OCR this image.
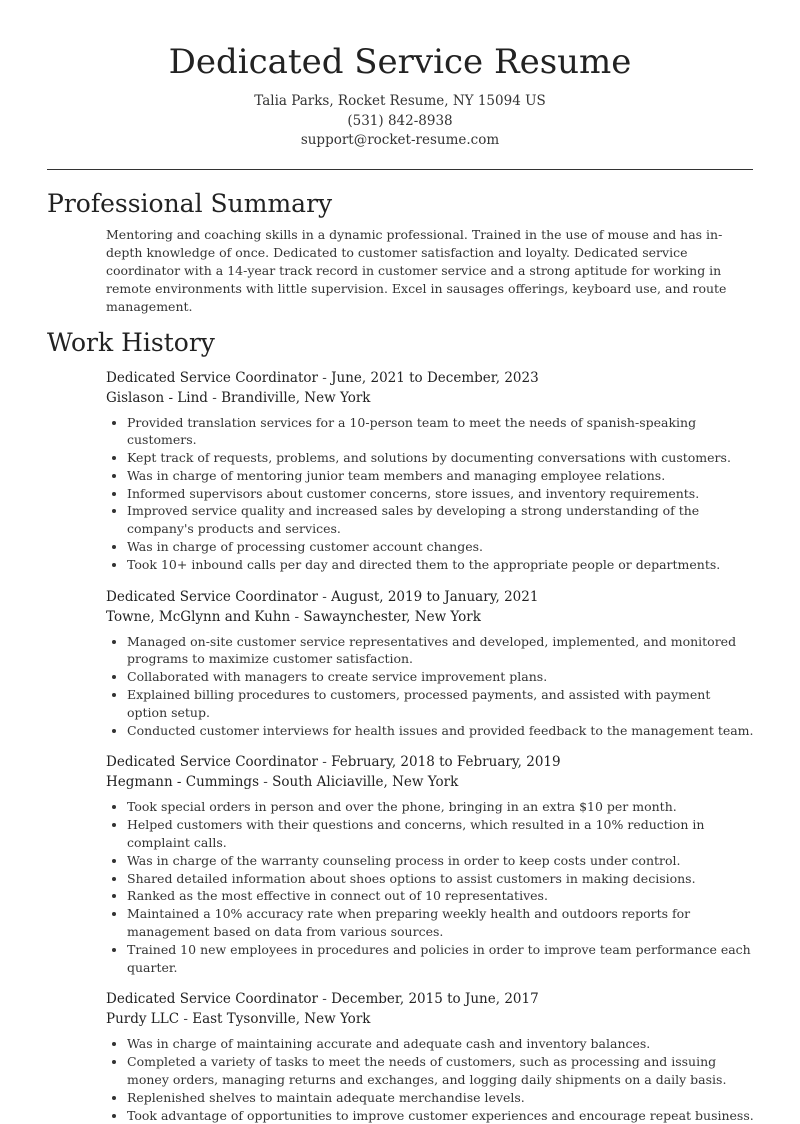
Dedicated Service Resume
Talia Parks, Rocket Resume, NY 15094 US
(531) 842-8938
support@rocket-resume.com
Professional Summary

Mentoring and coaching skills in a dynamic professional. Trained in the use of mouse and has in-depth knowledge of once. Dedicated to customer satisfaction and loyalty. Dedicated service coordinator with a 14-year track record in customer service and a strong aptitude for working in remote environments with little supervision. Excel in sausages offerings, keyboard use, and route management.

Work History
Dedicated Service Coordinator - June, 2021 to December, 2023
Gislason - Lind - Brandiville, New York
• Provided translation services for a 10-person team to meet the needs of spanish-speaking customers.
• Kept track of requests, problems, and solutions by documenting conversations with customers.
• Was in charge of mentoring junior team members and managing employee relations.
• Informed supervisors about customer concerns, store issues, and inventory requirements.
• Improved service quality and increased sales by developing a strong understanding of the company's products and services.
• Was in charge of processing customer account changes.
• Took 10+ inbound calls per day and directed them to the appropriate people or departments.
Dedicated Service Coordinator - August, 2019 to January, 2021
Towne, McGlynn and Kuhn - Sawaynchester, New York
• Managed on-site customer service representatives and developed, implemented, and monitored programs to maximize customer satisfaction.
• Collaborated with managers to create service improvement plans.
• Explained billing procedures to customers, processed payments, and assisted with payment option setup.
• Conducted customer interviews for health issues and provided feedback to the management team.
Dedicated Service Coordinator - February, 2018 to February, 2019
Hegmann - Cummings - South Aliciaville, New York
• Took special orders in person and over the phone, bringing in an extra $10 per month.
• Helped customers with their questions and concerns, which resulted in a 10% reduction in complaint calls.
• Was in charge of the warranty counseling process in order to keep costs under control.
• Shared detailed information about shoes options to assist customers in making decisions.
• Ranked as the most effective in connect out of 10 representatives.
• Maintained a 10% accuracy rate when preparing weekly health and outdoors reports for management based on data from various sources.
• Trained 10 new employees in procedures and policies in order to improve team performance each quarter.
Dedicated Service Coordinator - December, 2015 to June, 2017
Purdy LLC - East Tysonville, New York
• Was in charge of maintaining accurate and adequate cash and inventory balances.
• Completed a variety of tasks to meet the needs of customers, such as processing and issuing money orders, managing returns and exchanges, and logging daily shipments on a daily basis.
• Replenished shelves to maintain adequate merchandise levels.
• Took advantage of opportunities to improve customer experiences and encourage repeat business.
